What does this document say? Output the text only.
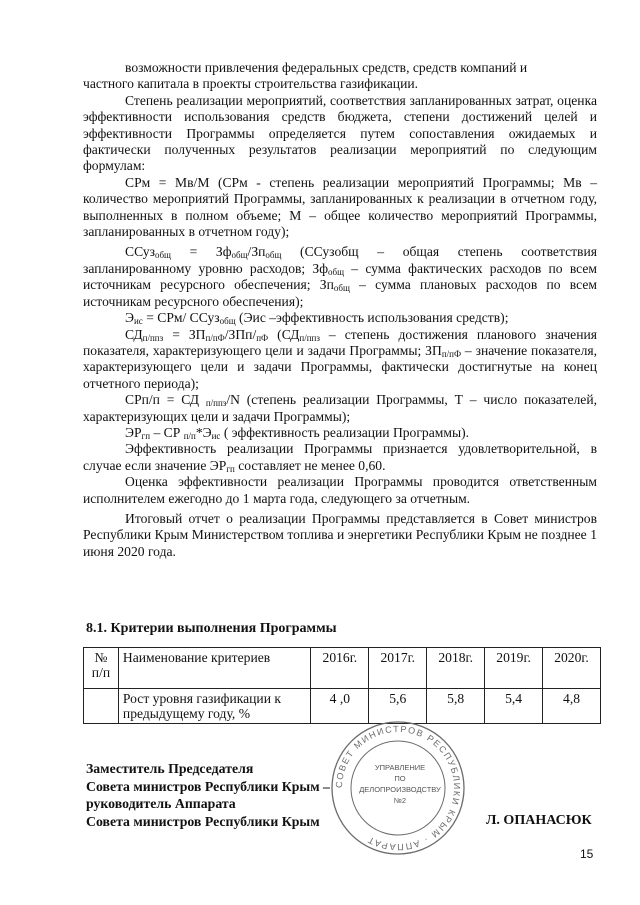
возможности привлечения федеральных средств, средств компаний и

частного капитала в проекты строительства газификации.

Степень реализации мероприятий, соответствия запланированных затрат, оценка эффективности использования средств бюджета, степени достижений целей и эффективности Программы определяется путем сопоставления ожидаемых и фактически полученных результатов реализации мероприятий по следующим формулам:

СРм = Мв/М (СРм - степень реализации мероприятий Программы; Мв – количество мероприятий Программы, запланированных к реализации в отчетном году, выполненных в полном объеме; М – общее количество мероприятий Программы, запланированных в отчетном году);

ССуз$_{общ}$ = $Зф_{общ}/Зп_{общ}$ (ССузобщ – общая степень соответствия запланированному уровню расходов; $Зф_{общ}$ – сумма фактических расходов по всем источникам ресурсного обеспечения; $Зп_{общ}$ – сумма плановых расходов по всем источникам ресурсного обеспечения);

$Э_{ис} = СРм/$ ССуз$_{общ}$ (Эис –эффективность использования средств);

$СД_{п/ппз} = ЗП_{п/пФ}/ЗПп/_{пФ}$ ($СД_{п/ппз}$ – степень достижения планового значения показателя, характеризующего цели и задачи Программы; $ЗП_{п/пФ}$ – значение показателя, характеризующего цели и задачи Программы, фактически достигнутые на конец отчетного периода);

СРп/п = СД $_{п/ппз}$/N (степень реализации Программы, Т – число показателей, характеризующих цели и задачи Программы);

$ЭР_{гп}$ – СР $_{п/п}*Э_{ис}$ ( эффективность реализации Программы).

Эффективность реализации Программы признается удовлетворительной, в случае если значение $ЭР_{гп}$ составляет не менее 0,60.

Оценка эффективности реализации Программы проводится ответственным исполнителем ежегодно до 1 марта года, следующего за отчетным.

Итоговый отчет о реализации Программы представляется в Совет министров Республики Крым Министерством топлива и энергетики Республики Крым не позднее 1 июня 2020 года.

8.1. Критерии выполнения Программы
№ п/п	Наименование критериев	2016г.	2017г.	2018г.	2019г.	2020г.
	Рост уровня газификации к предыдущему году, %	4 ,0	5,6	5,8	5,4	4,8
СОВЕТ МИНИСТРОВ РЕСПУБЛИКИ КРЫМ · АППАРАТ
УПРАВЛЕНИЕ
ПО
ДЕЛОПРОИЗВОДСТВУ
№2
Заместитель Председателя
Совета министров Республики Крым –
руководитель Аппарата
Совета министров Республики Крым	Л. ОПАНАСЮК
15
